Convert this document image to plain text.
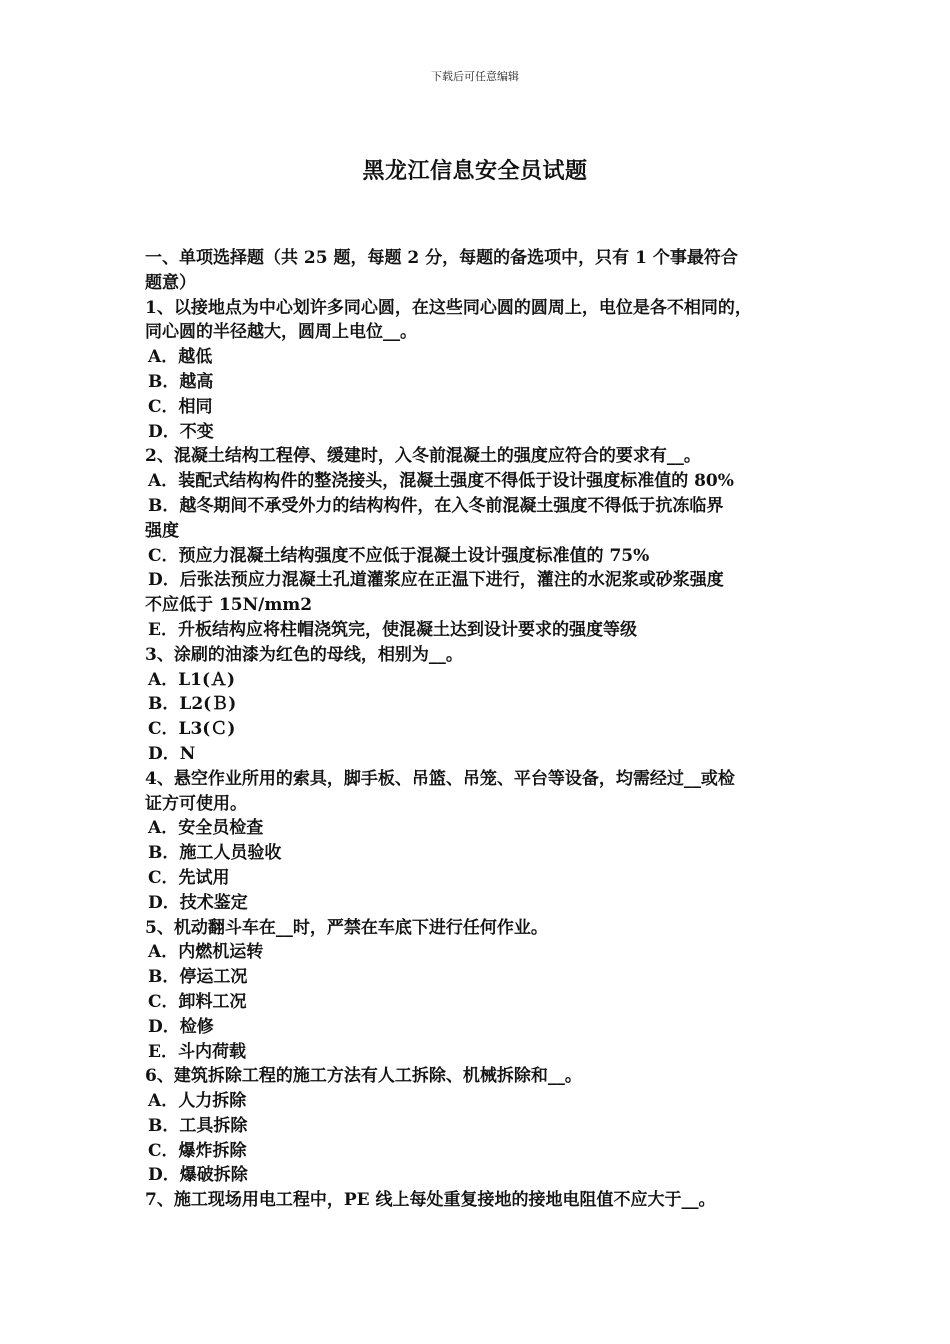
下载后可任意编辑
黑龙江信息安全员试题
一、单项选择题（共 25 题，每题 2 分，每题的备选项中，只有 1 个事最符合
题意）
1、以接地点为中心划许多同心圆，在这些同心圆的圆周上，电位是各不相同的，
同心圆的半径越大，圆周上电位__。
A．越低
B．越高
C．相同
D．不变
2、混凝土结构工程停、缓建时，入冬前混凝土的强度应符合的要求有__。
A．装配式结构构件的整浇接头，混凝土强度不得低于设计强度标准值的 80%
B．越冬期间不承受外力的结构构件，在入冬前混凝土强度不得低于抗冻临界
强度
C．预应力混凝土结构强度不应低于混凝土设计强度标准值的 75%
D．后张法预应力混凝土孔道灌浆应在正温下进行，灌注的水泥浆或砂浆强度
不应低于 15N/mm2
E．升板结构应将柱帽浇筑完，使混凝土达到设计要求的强度等级
3、涂刷的油漆为红色的母线，相别为__。
A．L1(Ａ)
B．L2(Ｂ)
C．L3(Ｃ)
D．N
4、悬空作业所用的索具，脚手板、吊篮、吊笼、平台等设备，均需经过__或检
证方可使用。
A．安全员检查
B．施工人员验收
C．先试用
D．技术鉴定
5、机动翻斗车在__时，严禁在车底下进行任何作业。
A．内燃机运转
B．停运工况
C．卸料工况
D．检修
E．斗内荷载
6、建筑拆除工程的施工方法有人工拆除、机械拆除和__。
A．人力拆除
B．工具拆除
C．爆炸拆除
D．爆破拆除
7、施工现场用电工程中，PE 线上每处重复接地的接地电阻值不应大于__。
